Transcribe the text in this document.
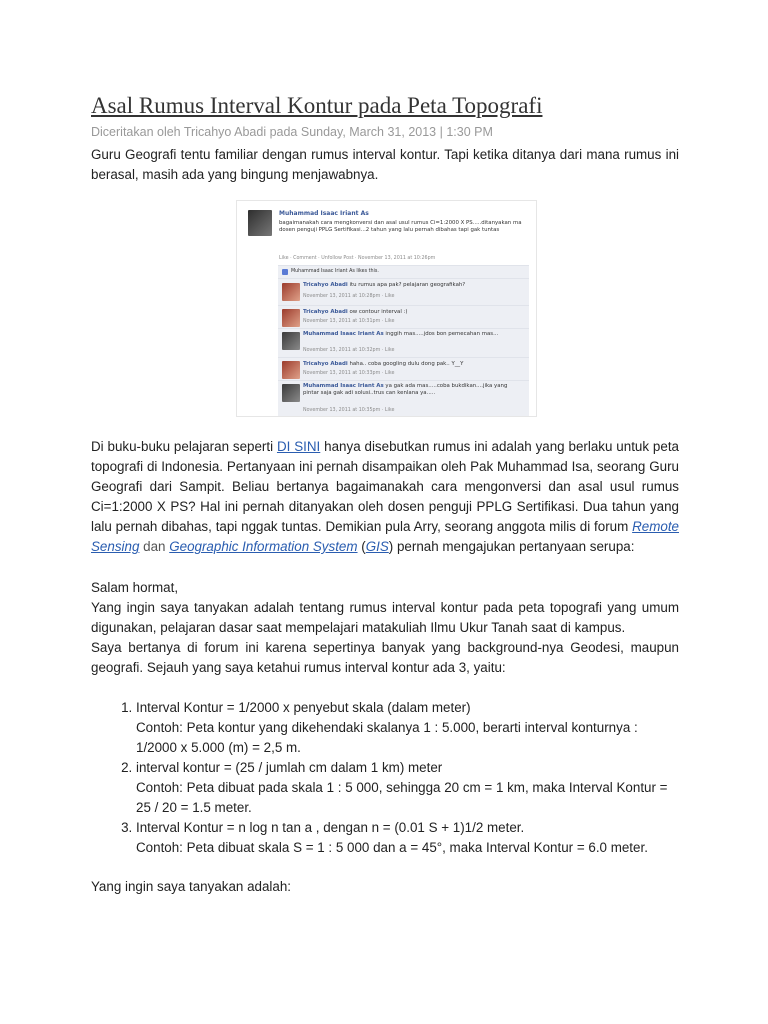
Asal Rumus Interval Kontur pada Peta Topografi
Diceritakan oleh Tricahyo Abadi pada Sunday, March 31, 2013 | 1:30 PM

Guru Geografi tentu familiar dengan rumus interval kontur. Tapi ketika ditanya dari mana rumus ini berasal, masih ada yang bingung menjawabnya.

Muhammad Isaac Iriant As
bagaimanakah cara mengkonversi dan asal usul rumus Ci=1:2000 X PS.....ditanyakan ma dosen penguji PPLG Sertifikasi...2 tahun yang lalu pernah dibahas tapi gak tuntas
Like · Comment · Unfollow Post · November 13, 2011 at 10:26pm
Muhammad Isaac Iriant As likes this.
Tricahyo Abadi itu rumus apa pak? pelajaran geografikah?
November 13, 2011 at 10:28pm · Like
Tricahyo Abadi ow contour interval :)
November 13, 2011 at 10:31pm · Like
Muhammad Isaac Iriant As inggih mas.....jdos bon pemecahan mas...
November 13, 2011 at 10:32pm · Like
Tricahyo Abadi haha.. coba googling dulu dong pak.. Y__Y
November 13, 2011 at 10:33pm · Like
Muhammad Isaac Iriant As ya gak ada mas.....coba bukdikan....jika yang pintar saja gak adi solusi..trus can kenlana ya.....
November 13, 2011 at 10:35pm · Like

Di buku-buku pelajaran seperti DI SINI hanya disebutkan rumus ini adalah yang berlaku untuk peta topografi di Indonesia. Pertanyaan ini pernah disampaikan oleh Pak Muhammad Isa, seorang Guru Geografi dari Sampit. Beliau bertanya bagaimanakah cara mengonversi dan asal usul rumus Ci=1:2000 X PS? Hal ini pernah ditanyakan oleh dosen penguji PPLG Sertifikasi. Dua tahun yang lalu pernah dibahas, tapi nggak tuntas. Demikian pula Arry, seorang anggota milis di forum Remote Sensing dan Geographic Information System (GIS) pernah mengajukan pertanyaan serupa:

Salam hormat,

Yang ingin saya tanyakan adalah tentang rumus interval kontur pada peta topografi yang umum digunakan, pelajaran dasar saat mempelajari matakuliah Ilmu Ukur Tanah saat di kampus.

Saya bertanya di forum ini karena sepertinya banyak yang background-nya Geodesi, maupun geografi. Sejauh yang saya ketahui rumus interval kontur ada 3, yaitu:

1. Interval Kontur = 1/2000 x penyebut skala (dalam meter)
Contoh: Peta kontur yang dikehendaki skalanya 1 : 5.000, berarti interval konturnya : 1/2000 x 5.000 (m) = 2,5 m.
2. interval kontur = (25 / jumlah cm dalam 1 km) meter
Contoh: Peta dibuat pada skala 1 : 5 000, sehingga 20 cm = 1 km, maka Interval Kontur = 25 / 20 = 1.5 meter.
3. Interval Kontur = n log n tan a , dengan n = (0.01 S + 1)1/2 meter.
Contoh: Peta dibuat skala S = 1 : 5 000 dan a = 45°, maka Interval Kontur = 6.0 meter.

Yang ingin saya tanyakan adalah:
